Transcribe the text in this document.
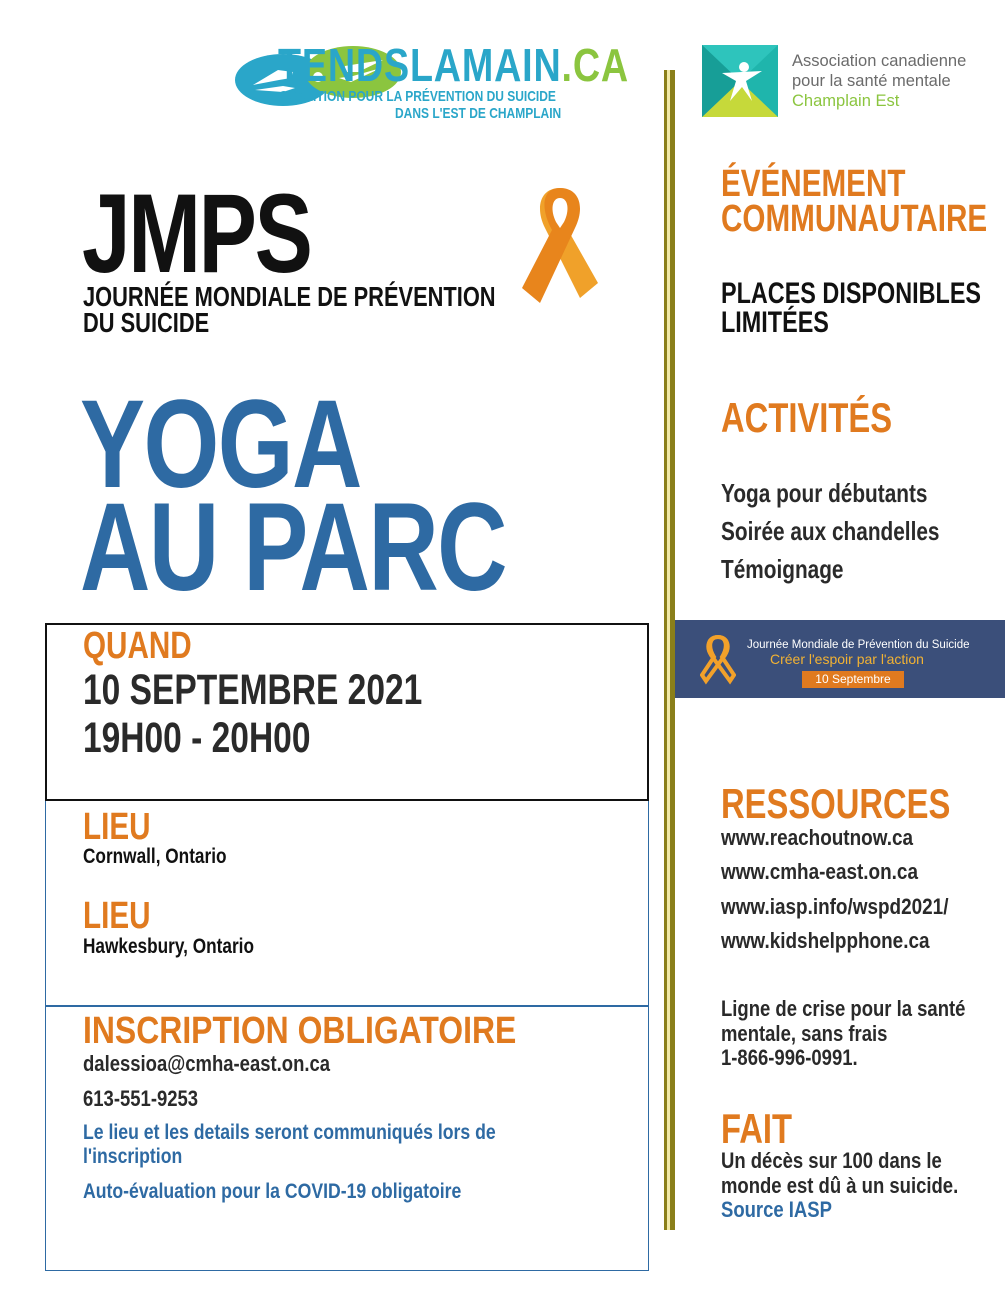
TENDSLAMAIN.CA
COALITION POUR LA PRÉVENTION DU SUICIDE
DANS L'EST DE CHAMPLAIN
Association canadienne
pour la santé mentale
Champlain Est
JMPS
JOURNÉE MONDIALE DE PRÉVENTION
DU SUICIDE
YOGA
AU PARC
QUAND
10 SEPTEMBRE 2021
19H00 - 20H00
LIEU
Cornwall, Ontario
LIEU
Hawkesbury, Ontario
INSCRIPTION OBLIGATOIRE
dalessioa@cmha-east.on.ca
613-551-9253
Le lieu et les details seront communiqués lors de
l'inscription
Auto-évaluation pour la COVID-19 obligatoire
ÉVÉNEMENT
COMMUNAUTAIRE
PLACES DISPONIBLES
LIMITÉES
ACTIVITÉS
Yoga pour débutants
Soirée aux chandelles
Témoignage
Journée Mondiale de Prévention du Suicide
Créer l'espoir par l'action
10 Septembre
RESSOURCES
www.reachoutnow.ca
www.cmha-east.on.ca
www.iasp.info/wspd2021/
www.kidshelpphone.ca
Ligne de crise pour la santé
mentale, sans frais
1-866-996-0991.
FAIT
Un décès sur 100 dans le
monde est dû à un suicide.
Source IASP
